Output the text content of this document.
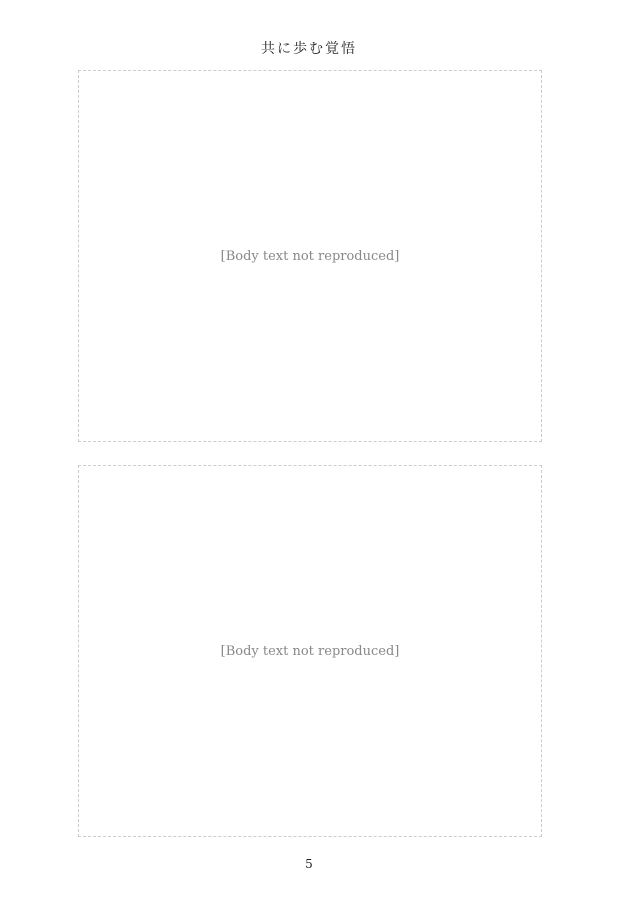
共に歩む覚悟
[Body text not reproduced]
[Body text not reproduced]
5
